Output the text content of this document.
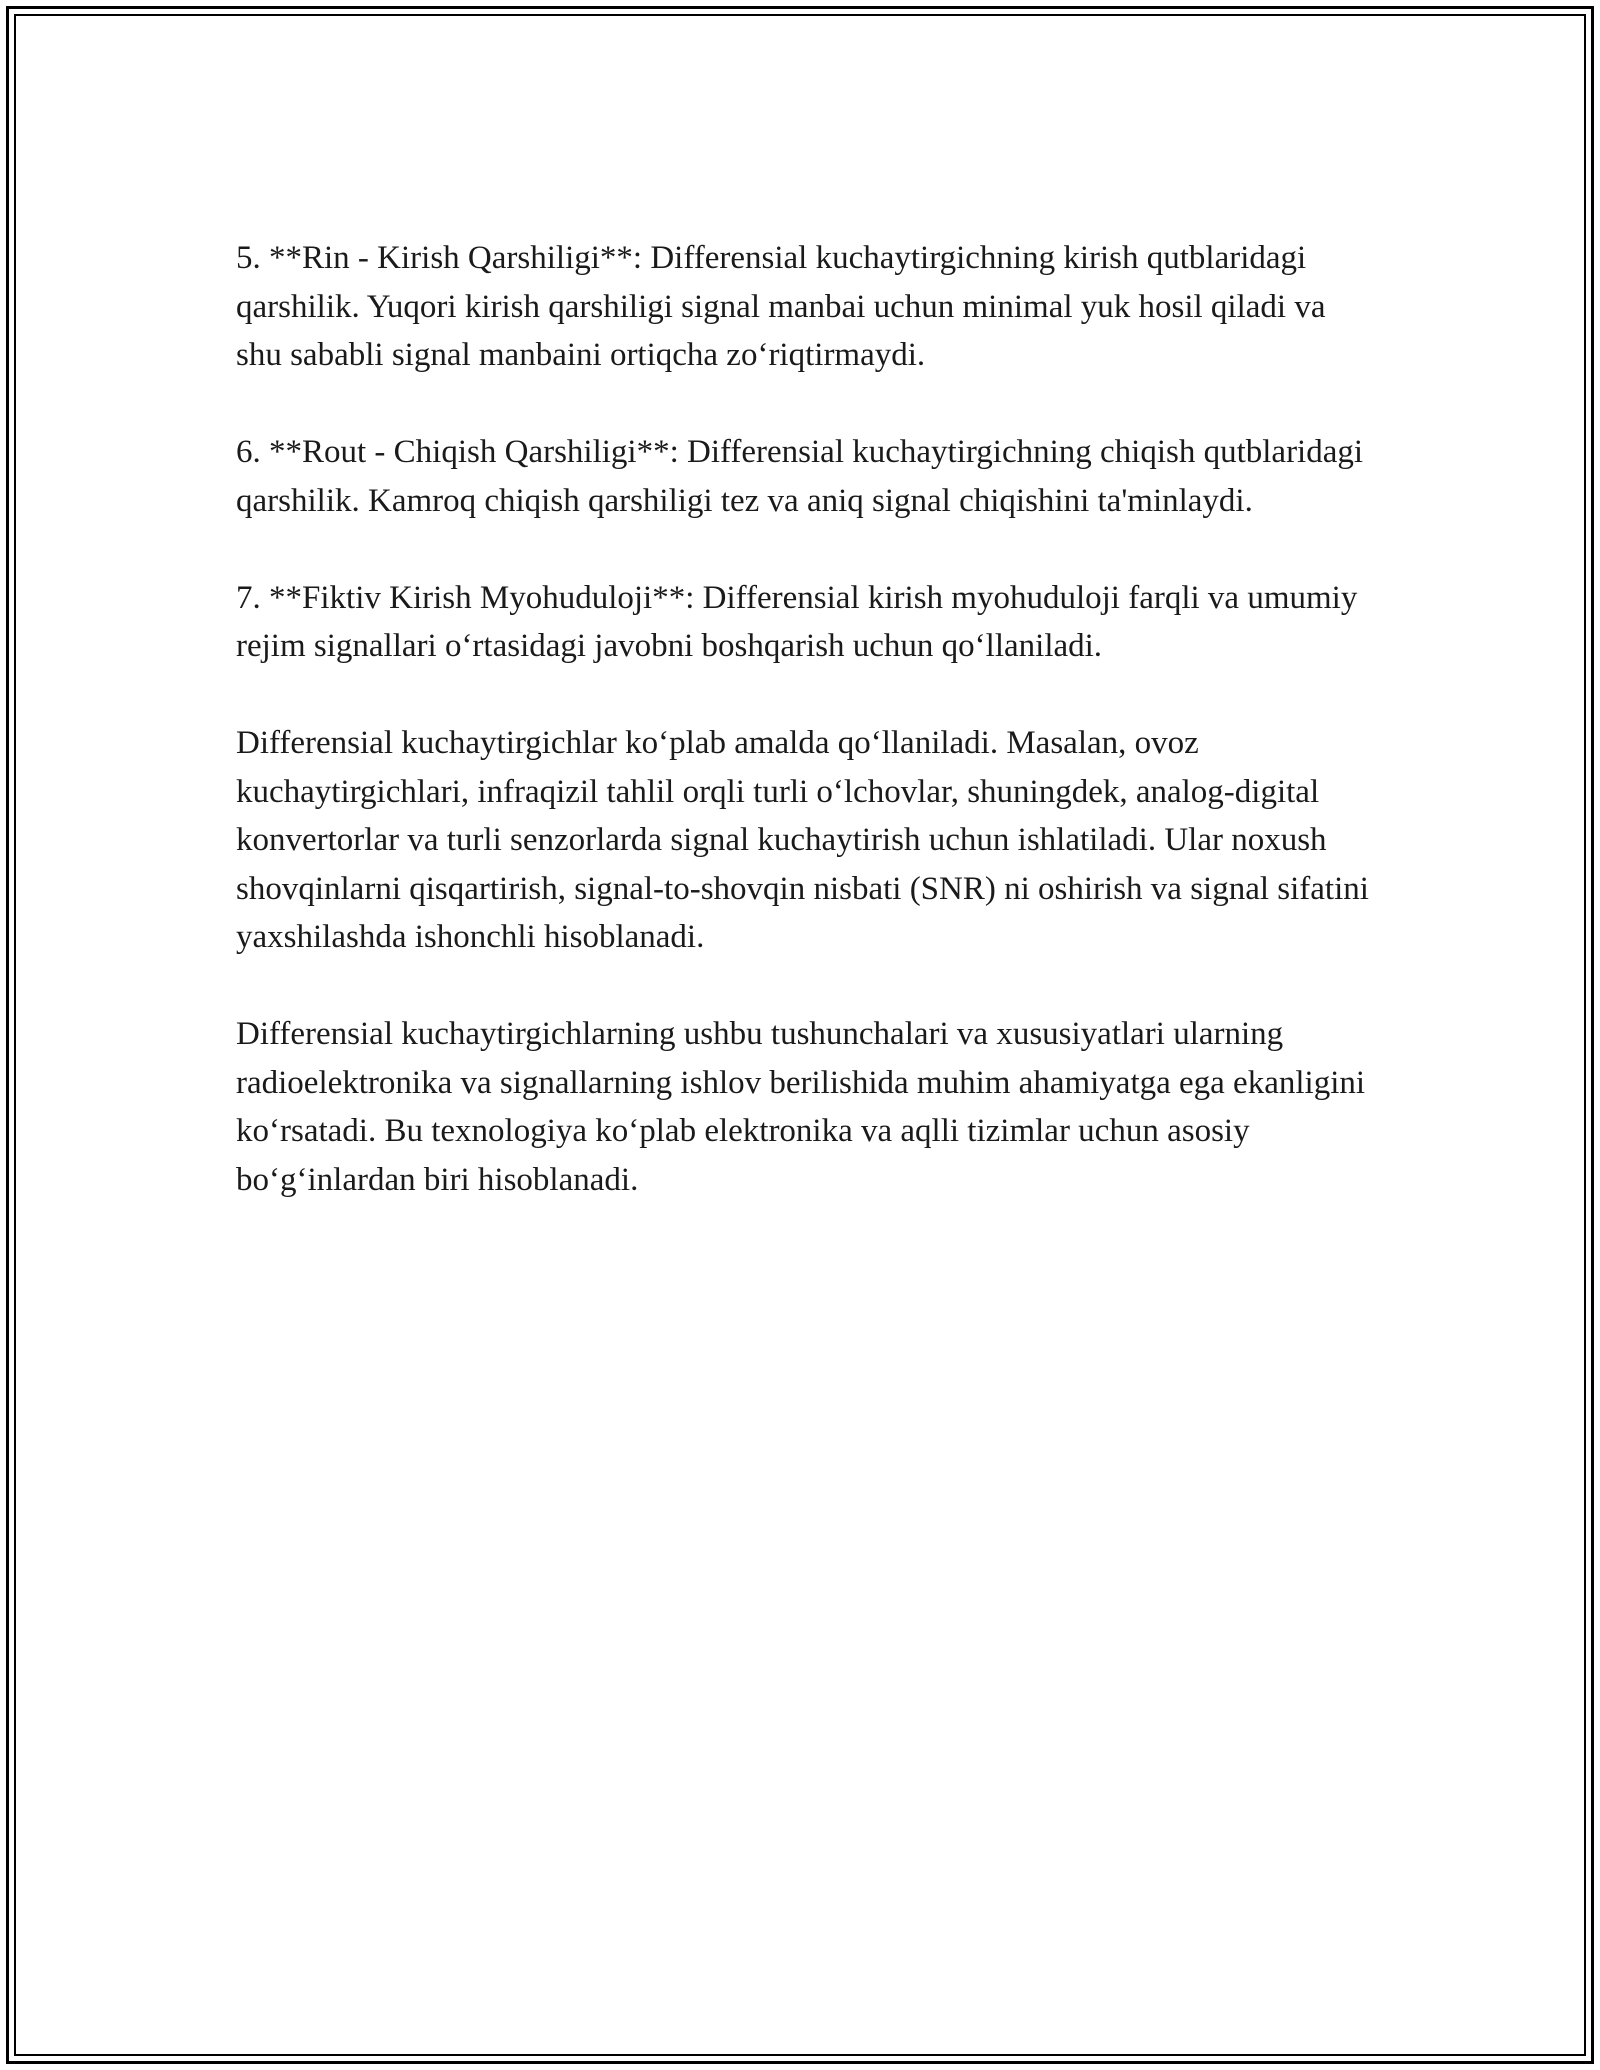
5. **Rin - Kirish Qarshiligi**: Differensial kuchaytirgichning kirish qutblaridagi qarshilik. Yuqori kirish qarshiligi signal manbai uchun minimal yuk hosil qiladi va shu sababli signal manbaini ortiqcha zo‘riqtirmaydi.

6. **Rout - Chiqish Qarshiligi**: Differensial kuchaytirgichning chiqish qutblaridagi qarshilik. Kamroq chiqish qarshiligi tez va aniq signal chiqishini ta'minlaydi.

7. **Fiktiv Kirish Myohuduloji**: Differensial kirish myohuduloji farqli va umumiy rejim signallari o‘rtasidagi javobni boshqarish uchun qo‘llaniladi.

Differensial kuchaytirgichlar ko‘plab amalda qo‘llaniladi. Masalan, ovoz kuchaytirgichlari, infraqizil tahlil orqli turli o‘lchovlar, shuningdek, analog-digital konvertorlar va turli senzorlarda signal kuchaytirish uchun ishlatiladi. Ular noxush shovqinlarni qisqartirish, signal-to-shovqin nisbati (SNR) ni oshirish va signal sifatini yaxshilashda ishonchli hisoblanadi.

Differensial kuchaytirgichlarning ushbu tushunchalari va xususiyatlari ularning radioelektronika va signallarning ishlov berilishida muhim ahamiyatga ega ekanligini ko‘rsatadi. Bu texnologiya ko‘plab elektronika va aqlli tizimlar uchun asosiy bo‘g‘inlardan biri hisoblanadi.
